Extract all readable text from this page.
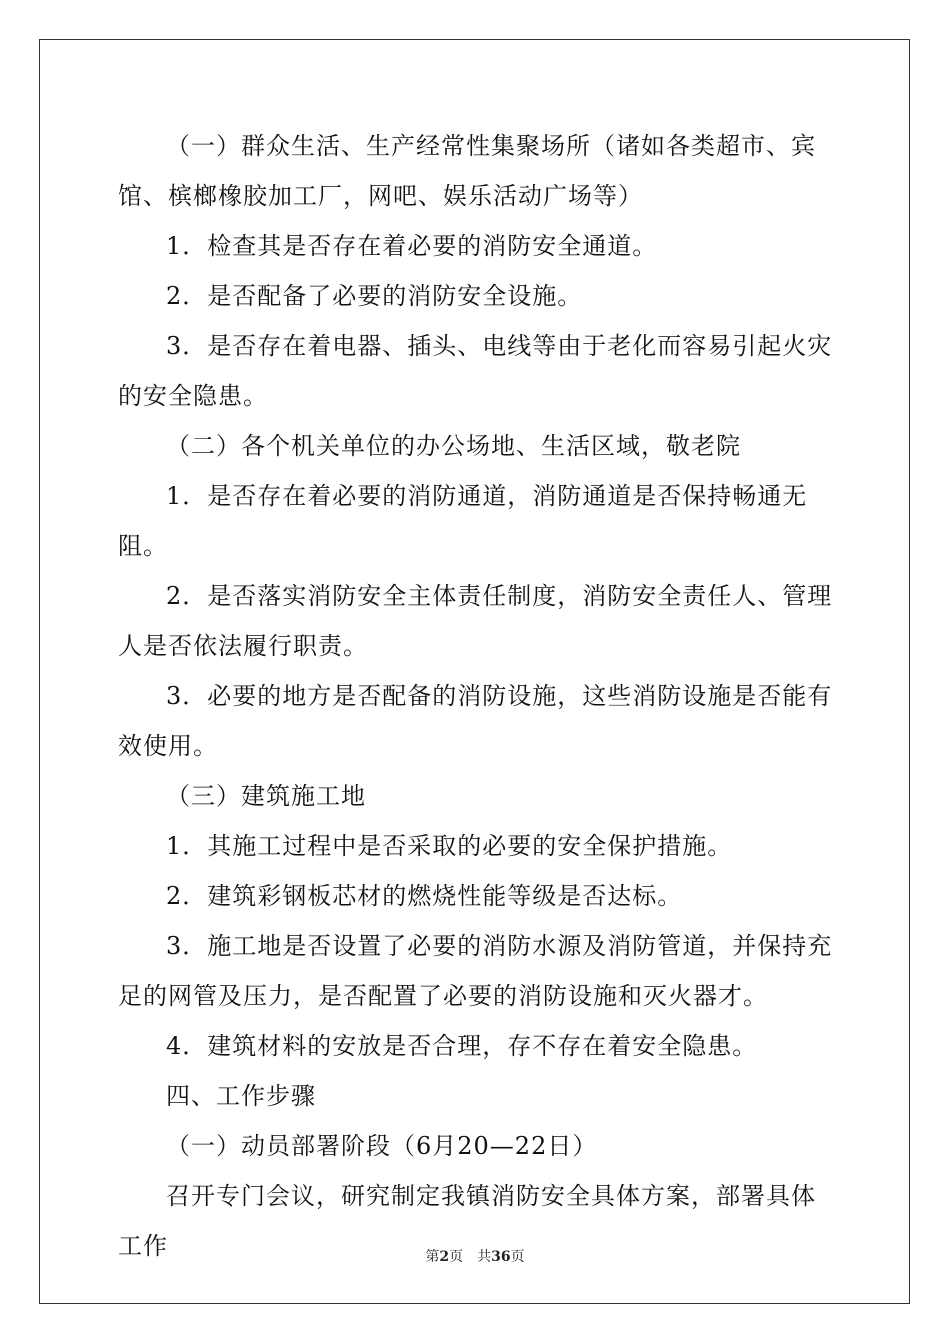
（一）群众生活、生产经常性集聚场所（诸如各类超市、宾馆、槟榔橡胶加工厂，网吧、娱乐活动广场等）

1．检查其是否存在着必要的消防安全通道。

2．是否配备了必要的消防安全设施。

3．是否存在着电器、插头、电线等由于老化而容易引起火灾的安全隐患。

（二）各个机关单位的办公场地、生活区域，敬老院

1．是否存在着必要的消防通道，消防通道是否保持畅通无阻。

2．是否落实消防安全主体责任制度，消防安全责任人、管理人是否依法履行职责。

3．必要的地方是否配备的消防设施，这些消防设施是否能有效使用。

（三）建筑施工地

1．其施工过程中是否采取的必要的安全保护措施。

2．建筑彩钢板芯材的燃烧性能等级是否达标。

3．施工地是否设置了必要的消防水源及消防管道，并保持充足的网管及压力，是否配置了必要的消防设施和灭火器才。

4．建筑材料的安放是否合理，存不存在着安全隐患。

四、工作步骤

（一）动员部署阶段（6月20—22日）

召开专门会议，研究制定我镇消防安全具体方案，部署具体工作	第2页 共36页
